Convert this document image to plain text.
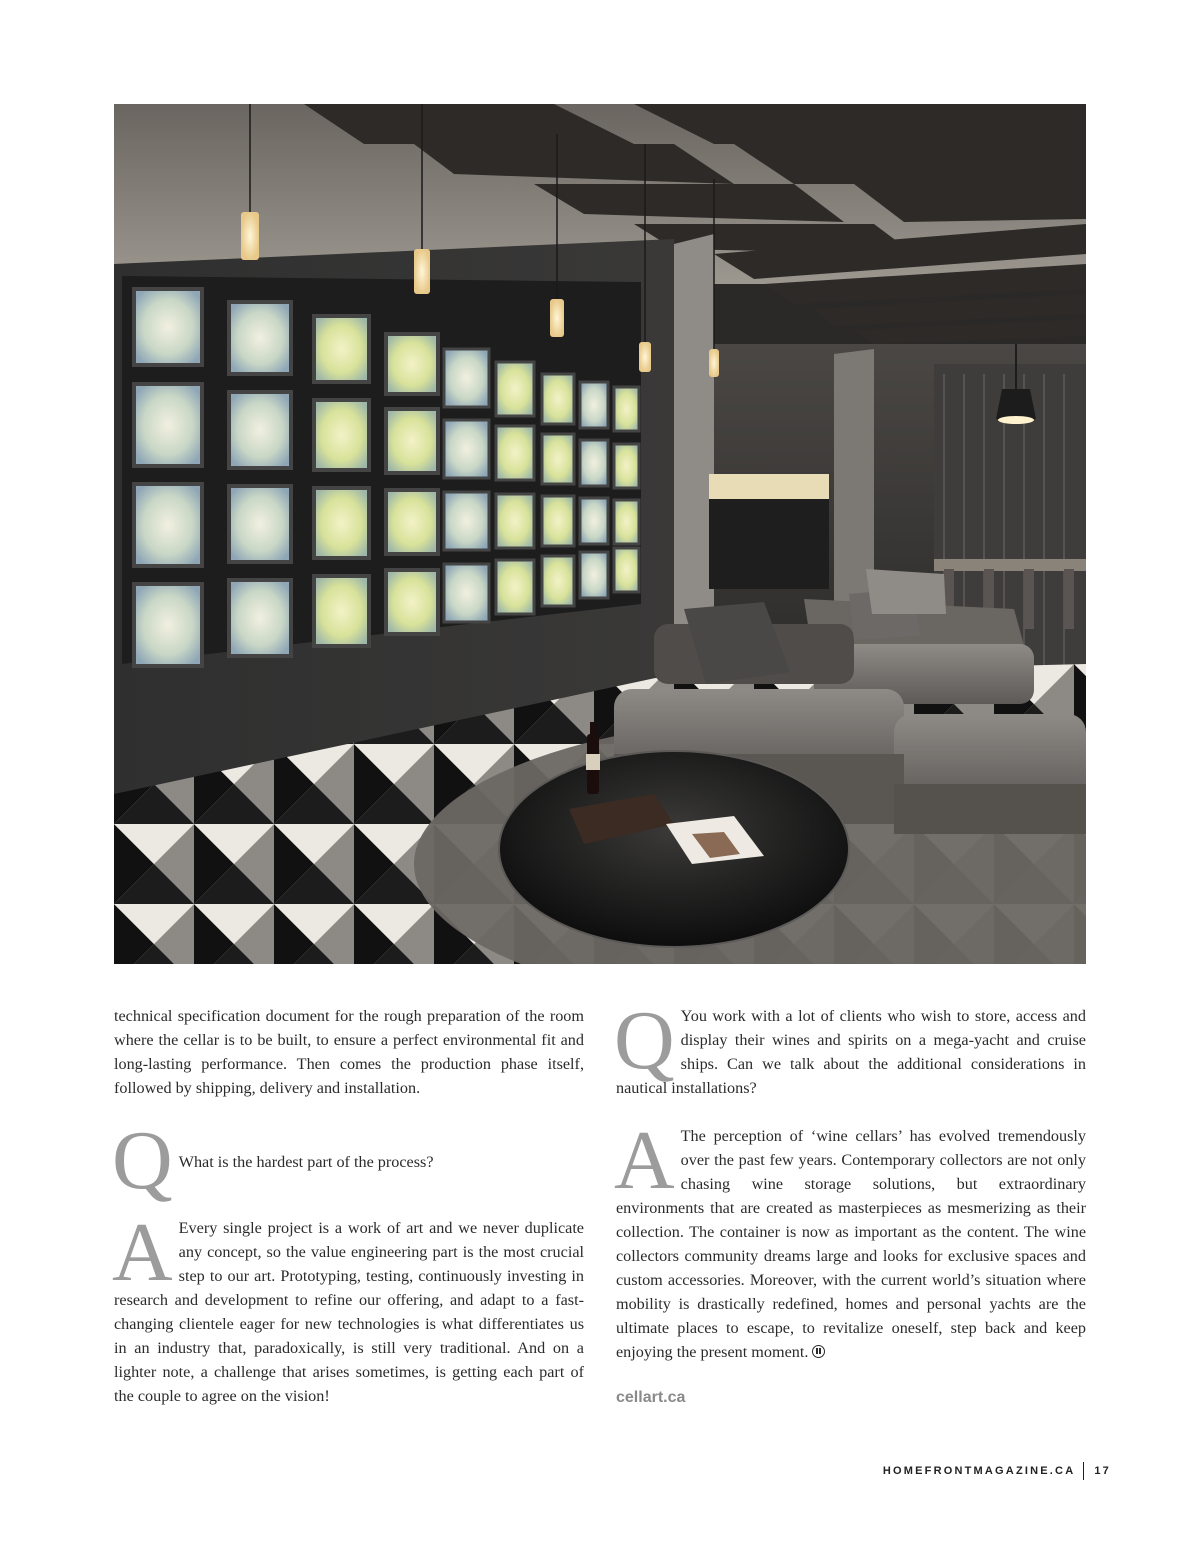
technical specification document for the rough preparation of the room where the cellar is to be built, to ensure a perfect environmental fit and long-lasting performance. Then comes the production phase itself, followed by shipping, delivery and installation.

Q What is the hardest part of the process?

A Every single project is a work of art and we never duplicate any concept, so the value engineering part is the most crucial step to our art. Prototyping, testing, continuously investing in research and development to refine our offering, and adapt to a fast-changing clientele eager for new technologies is what differentiates us in an industry that, paradoxically, is still very traditional. And on a lighter note, a challenge that arises sometimes, is getting each part of the couple to agree on the vision!

Q You work with a lot of clients who wish to store, access and display their wines and spirits on a mega-yacht and cruise ships. Can we talk about the additional considerations in nautical installations?

A The perception of ‘wine cellars’ has evolved tremendously over the past few years. Contemporary collectors are not only chasing wine storage solutions, but extraordinary environments that are created as masterpieces as mesmerizing as their collection. The container is now as important as the content. The wine collectors community dreams large and looks for exclusive spaces and custom accessories. Moreover, with the current world’s situation where mobility is drastically redefined, homes and personal yachts are the ultimate places to escape, to revitalize oneself, step back and keep enjoying the present moment.

cellart.ca
HOMEFRONTMAGAZINE.CA 17
